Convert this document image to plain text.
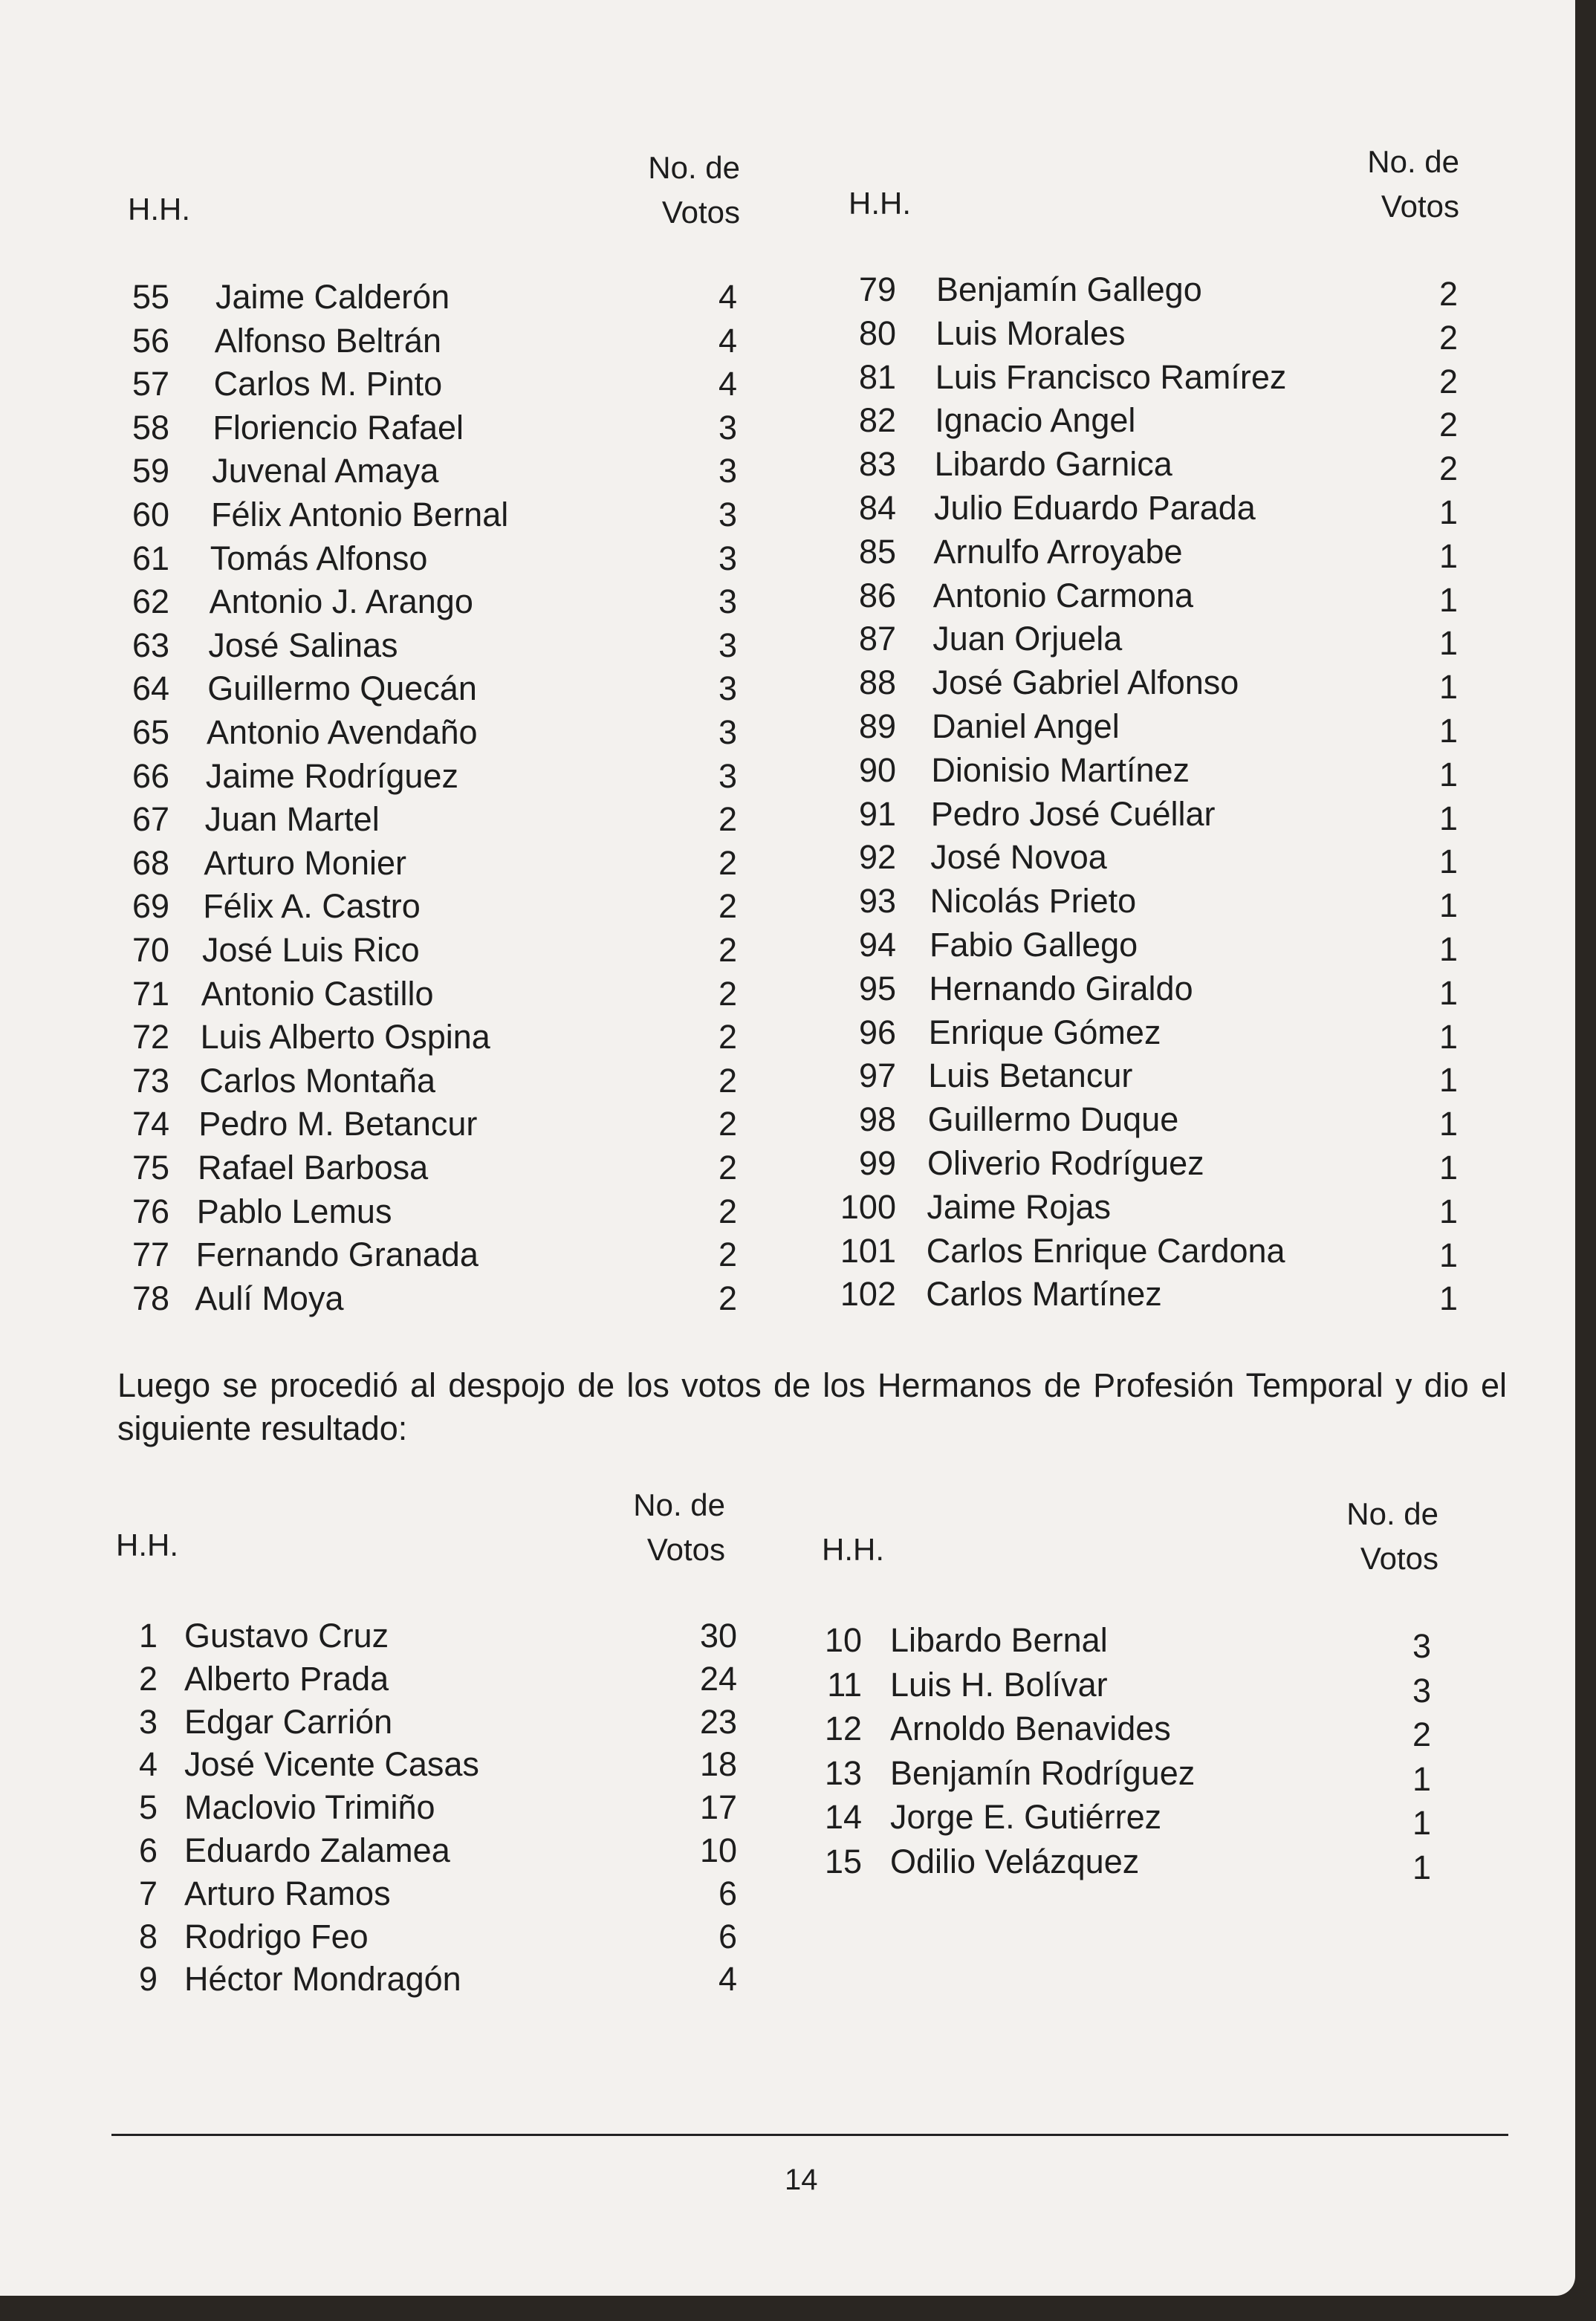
H.H.
No. de
Votos	H.H.
No. de
Votos
55 Jaime Calderón	4
56 Alfonso Beltrán	4
57 Carlos M. Pinto	4
58 Floriencio Rafael	3
59 Juvenal Amaya	3
60 Félix Antonio Bernal	3
61 Tomás Alfonso	3
62 Antonio J. Arango	3
63 José Salinas	3
64 Guillermo Quecán	3
65 Antonio Avendaño	3
66 Jaime Rodríguez	3
67 Juan Martel	2
68 Arturo Monier	2
69 Félix A. Castro	2
70 José Luis Rico	2
71 Antonio Castillo	2
72 Luis Alberto Ospina	2
73 Carlos Montaña	2
74 Pedro M. Betancur	2
75 Rafael Barbosa	2
76 Pablo Lemus	2
77 Fernando Granada	2
78 Aulí Moya	2
79 Benjamín Gallego	2
80 Luis Morales	2
81 Luis Francisco Ramírez	2
82 Ignacio Angel	2
83 Libardo Garnica	2
84 Julio Eduardo Parada	1
85 Arnulfo Arroyabe	1
86 Antonio Carmona	1
87 Juan Orjuela	1
88 José Gabriel Alfonso	1
89 Daniel Angel	1
90 Dionisio Martínez	1
91 Pedro José Cuéllar	1
92 José Novoa	1
93 Nicolás Prieto	1
94 Fabio Gallego	1
95 Hernando Giraldo	1
96 Enrique Gómez	1
97 Luis Betancur	1
98 Guillermo Duque	1
99 Oliverio Rodríguez	1
100 Jaime Rojas	1
101 Carlos Enrique Cardona	1
102 Carlos Martínez	1
Luego se procedió al despojo de los votos de los Hermanos de Profesión Temporal y dio el siguiente resultado:
H.H.
No. de
Votos	H.H.
No. de
Votos
1 Gustavo Cruz	30
2 Alberto Prada	24
3 Edgar Carrión	23
4 José Vicente Casas	18
5 Maclovio Trimiño	17
6 Eduardo Zalamea	10
7 Arturo Ramos	6
8 Rodrigo Feo	6
9 Héctor Mondragón	4
10 Libardo Bernal	3
11 Luis H. Bolívar	3
12 Arnoldo Benavides	2
13 Benjamín Rodríguez	1
14 Jorge E. Gutiérrez	1
15 Odilio Velázquez	1
14
